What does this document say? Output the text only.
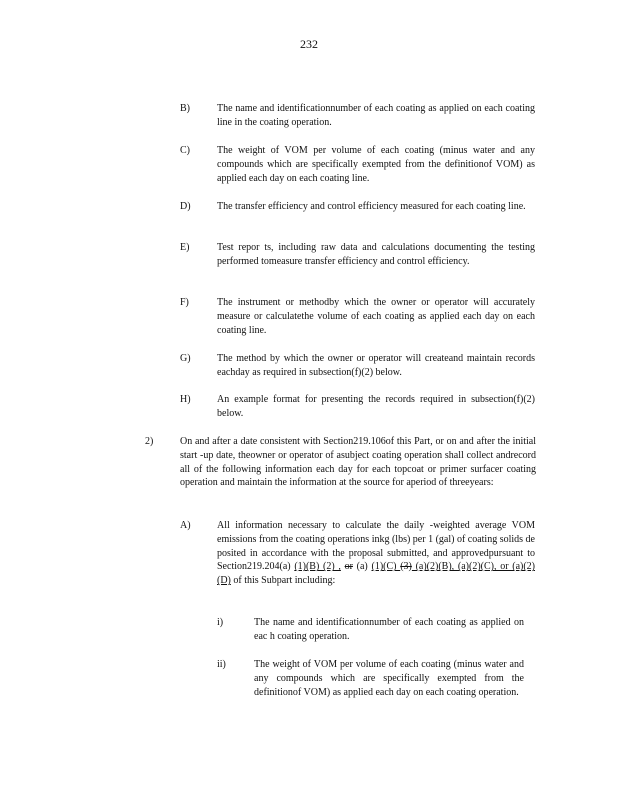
232
B)	The name and identificationnumber of each coating as applied on each coating line in the coating operation.
C)	The weight of VOM per volume of each coating (minus water and any compounds which are specifically exempted from the definitionof VOM) as applied each day on each coating line.
D)	The transfer efficiency and control efficiency measured for each coating line.
E)	Test repor ts, including raw data and calculations documenting the testing performed tomeasure transfer efficiency and control efficiency.
F)	The instrument or methodby which the owner or operator will accurately measure or calculatethe volume of each coating as applied each day on each coating line.
G)	The method by which the owner or operator will createand maintain records eachday as required in subsection(f)(2) below.
H)	An example format for presenting the records required in subsection(f)(2) below.
2)	On and after a date consistent with Section219.106of this Part, or on and after the initial start -up date, theowner or operator of asubject coating operation shall collect andrecord all of the following information each day for each topcoat or primer surfacer coating operation and maintain the information at the source for aperiod of threeyears:
A)	All information necessary to calculate the daily -weighted average VOM emissions from the coating operations inkg (lbs) per 1 (gal) of coating solids de posited in accordance with the proposal submitted, and approvedpursuant to Section219.204(a) (1)(B) (2) , or (a) (1)(C) (3) (a)(2)(B), (a)(2)(C), or (a)(2)(D) of this Subpart including:
i)	The name and identificationnumber of each coating as applied on eac h coating operation.
ii)	The weight of VOM per volume of each coating (minus water and any compounds which are specifically exempted from the definitionof VOM) as applied each day on each coating operation.
